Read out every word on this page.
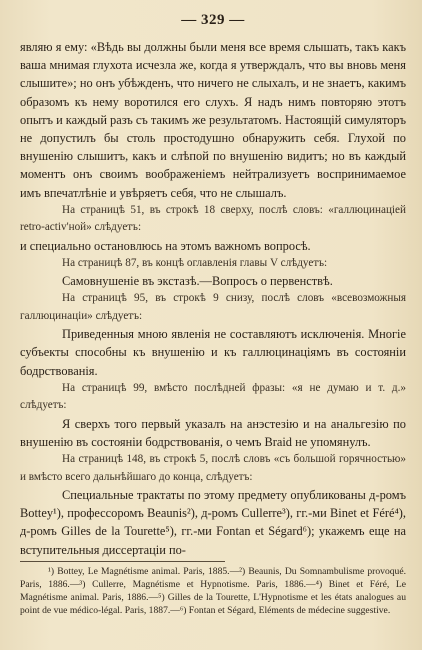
— 329 —

являю я ему: «Вѣдь вы должны были меня все время слышать, такъ какъ ваша мнимая глухота исчезла же, когда я утверждалъ, что вы вновь меня слышите»; но онъ убѣжденъ, что ничего не слыхалъ, и не знаетъ, какимъ образомъ къ нему воротился его слухъ. Я надъ нимъ повторяю этотъ опытъ и каждый разъ съ такимъ же результатомъ. Настоящій симуляторъ не допустилъ бы столь простодушно обнаружить себя. Глухой по внушенію слышитъ, какъ и слѣпой по внушенію видитъ; но въ каждый моментъ онъ своимъ воображеніемъ нейтрализуетъ воспринимаемое имъ впечатлѣніе и увѣряетъ себя, что не слышалъ.

На страницѣ 51, въ строкѣ 18 сверху, послѣ словъ: «галлюцинацiей retro-activ'ной» слѣдуетъ:

и специально остановлюсь на этомъ важномъ вопросѣ.

На страницѣ 87, въ концѣ оглавленія главы V слѣдуетъ:

Самовнушеніе въ экстазѣ.—Вопросъ о первенствѣ.

На страницѣ 95, въ строкѣ 9 снизу, послѣ словъ «всевозможныя галлюцинаціи» слѣдуетъ:

Приведенныя мною явленія не составляютъ исключенія. Многіе субъекты способны къ внушенію и къ галлюцинаціямъ въ состояніи бодрствованія.

На страницѣ 99, вмѣсто послѣдней фразы: «я не думаю и т. д.» слѣдуетъ:

Я сверхъ того первый указалъ на анэстезію и на анальгезію по внушенію въ состояніи бодрствованія, о чемъ Braid не упомянулъ.

На страницѣ 148, въ строкѣ 5, послѣ словъ «съ большой горячностью» и вмѣсто всего дальнѣйшаго до конца, слѣдуетъ:

Специальные трактаты по этому предмету опубликованы д-ромъ Bottey¹), профессоромъ Beaunis²), д-ромъ Cullerre³), гг.-ми Binet et Féré⁴), д-ромъ Gilles de la Tourette⁵), гг.-ми Fontan et Ségard⁶); укажемъ еще на вступительныя диссертаціи по-

¹) Bottey, Le Magnétisme animal. Paris, 1885.—²) Beaunis, Du Somnambulisme provoqué. Paris, 1886.—³) Cullerre, Magnétisme et Hypnotisme. Paris, 1886.—⁴) Binet et Féré, Le Magnétisme animal. Paris, 1886.—⁵) Gilles de la Tourette, L'Hypnotisme et les états analogues au point de vue médico-légal. Paris, 1887.—⁶) Fontan et Ségard, Eléments de médecine suggestive.
